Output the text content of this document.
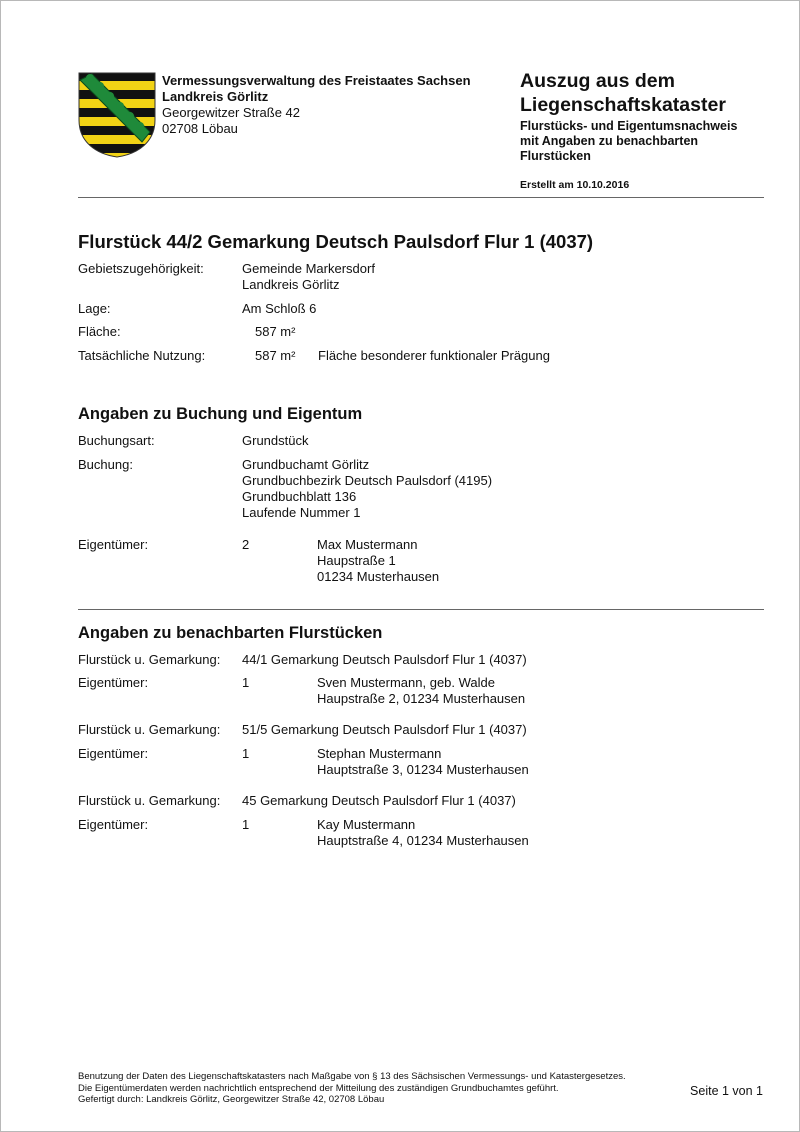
Vermessungsverwaltung des Freistaates Sachsen
Landkreis Görlitz
Georgewitzer Straße 42
02708 Löbau
Auszug aus dem
Liegenschaftskataster
Flurstücks- und Eigentumsnachweis
mit Angaben zu benachbarten
Flurstücken
Erstellt am 10.10.2016
Flurstück 44/2 Gemarkung Deutsch Paulsdorf Flur 1 (4037)
Gebietszugehörigkeit:	Gemeinde Markersdorf
Landkreis Görlitz
Lage:	Am Schloß 6
Fläche:	587 m²
Tatsächliche Nutzung:	587 m² Fläche besonderer funktionaler Prägung
Angaben zu Buchung und Eigentum
Buchungsart:	Grundstück
Buchung:	Grundbuchamt Görlitz
Grundbuchbezirk Deutsch Paulsdorf (4195)
Grundbuchblatt 136
Laufende Nummer 1
Eigentümer:	2	Max Mustermann
Haupstraße 1
01234 Musterhausen
Angaben zu benachbarten Flurstücken
Flurstück u. Gemarkung: 44/1 Gemarkung Deutsch Paulsdorf Flur 1 (4037)
Eigentümer:	1	Sven Mustermann, geb. Walde
Haupstraße 2, 01234 Musterhausen
Flurstück u. Gemarkung: 51/5 Gemarkung Deutsch Paulsdorf Flur 1 (4037)
Eigentümer:	1	Stephan Mustermann
Hauptstraße 3, 01234 Musterhausen
Flurstück u. Gemarkung: 45 Gemarkung Deutsch Paulsdorf Flur 1 (4037)
Eigentümer:	1	Kay Mustermann
Hauptstraße 4, 01234 Musterhausen
Benutzung der Daten des Liegenschaftskatasters nach Maßgabe von § 13 des Sächsischen Vermessungs- und Katastergesetzes.
Die Eigentümerdaten werden nachrichtlich entsprechend der Mitteilung des zuständigen Grundbuchamtes geführt.
Gefertigt durch: Landkreis Görlitz, Georgewitzer Straße 42, 02708 Löbau
Seite 1 von 1
